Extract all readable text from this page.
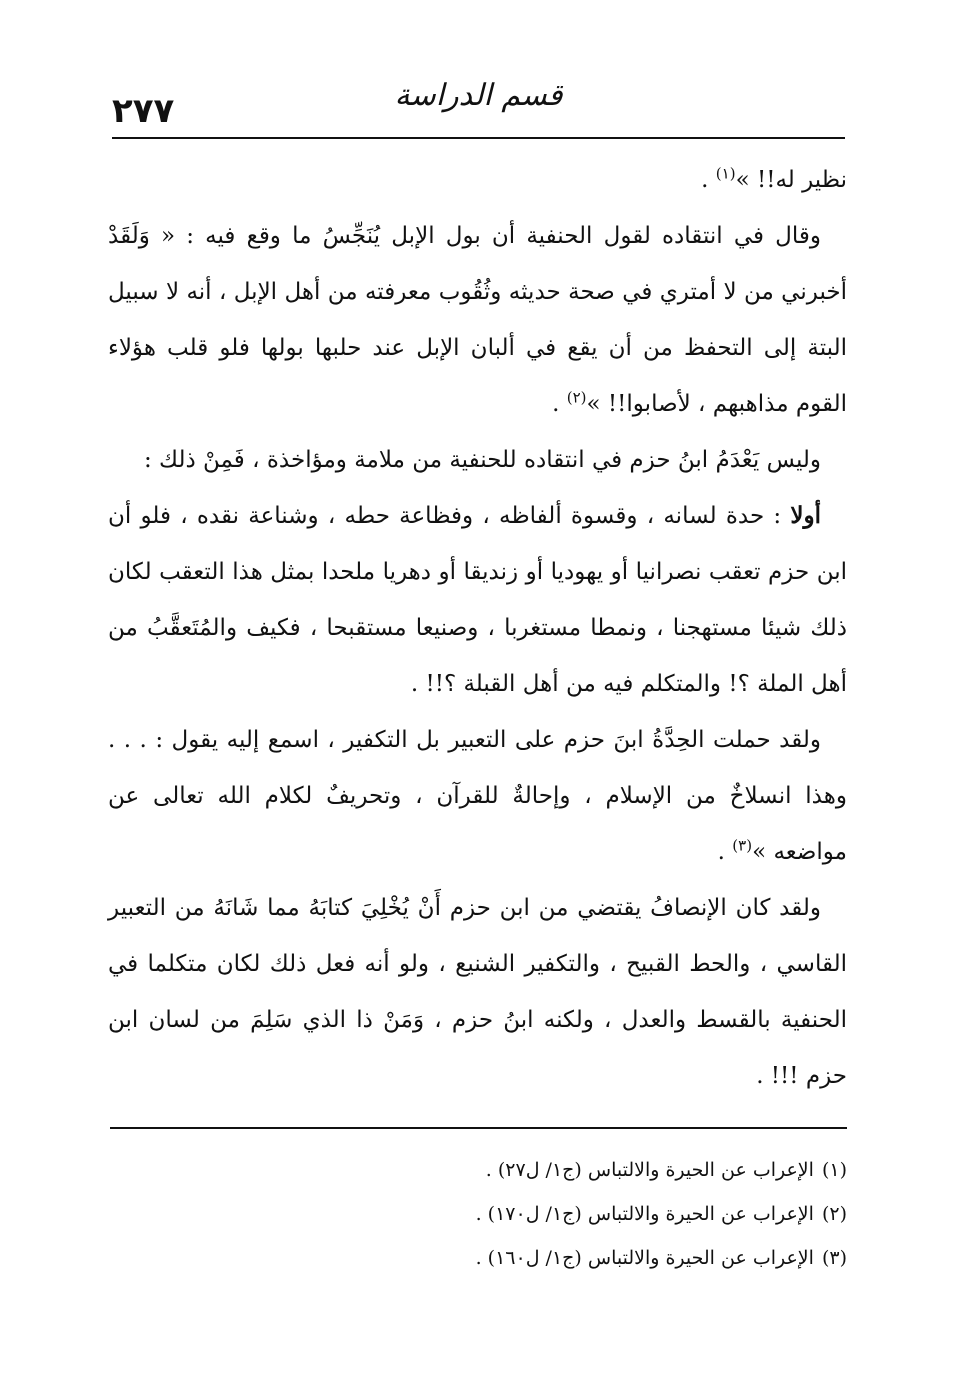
٢٧٧	قسم الدراسة

نظير له!! »$^{(١)}$ .

وقال في انتقاده لقول الحنفية أن بول الإبل يُنَجِّسُ ما وقع فيه : « وَلَقَدْ أخبرني من لا أمتري في صحة حديثه وثُقُوب معرفته من أهل الإبل ، أنه لا سبيل البتة إلى التحفظ من أن يقع في ألبان الإبل عند حلبها بولها فلو قلب هؤلاء القوم مذاهبهم ، لأصابوا!! »$^{(٢)}$ .

وليس يَعْدَمُ ابنُ حزم في انتقاده للحنفية من ملامة ومؤاخذة ، فَمِنْ ذلك :

أولا : حدة لسانه ، وقسوة ألفاظه ، وفظاعة حطه ، وشناعة نقده ، فلو أن ابن حزم تعقب نصرانيا أو يهوديا أو زنديقا أو دهريا ملحدا بمثل هذا التعقب لكان ذلك شيئا مستهجنا ، ونمطا مستغربا ، وصنيعا مستقبحا ، فكيف والمُتَعقَّبُ من أهل الملة ؟! والمتكلم فيه من أهل القبلة ؟!! .

ولقد حملت الحِدَّةُ ابنَ حزم على التعبير بل التكفير ، اسمع إليه يقول : . . . وهذا انسلاخٌ من الإسلام ، وإحالةٌ للقرآن ، وتحريفٌ لكلام الله تعالى عن مواضعه »$^{(٣)}$ .

ولقد كان الإنصافُ يقتضي من ابن حزم أَنْ يُخْلِيَ كتابَهُ مما شَانَهُ من التعبير القاسي ، والحط القبيح ، والتكفير الشنيع ، ولو أنه فعل ذلك لكان متكلما في الحنفية بالقسط والعدل ، ولكنه ابنُ حزم ، وَمَنْ ذا الذي سَلِمَ من لسان ابن حزم !!! .

(١)الإعراب عن الحيرة والالتباس (ج١/ ل٢٧) .
(٢)الإعراب عن الحيرة والالتباس (ج١/ ل١٧٠) .
(٣)الإعراب عن الحيرة والالتباس (ج١/ ل١٦٠) .
